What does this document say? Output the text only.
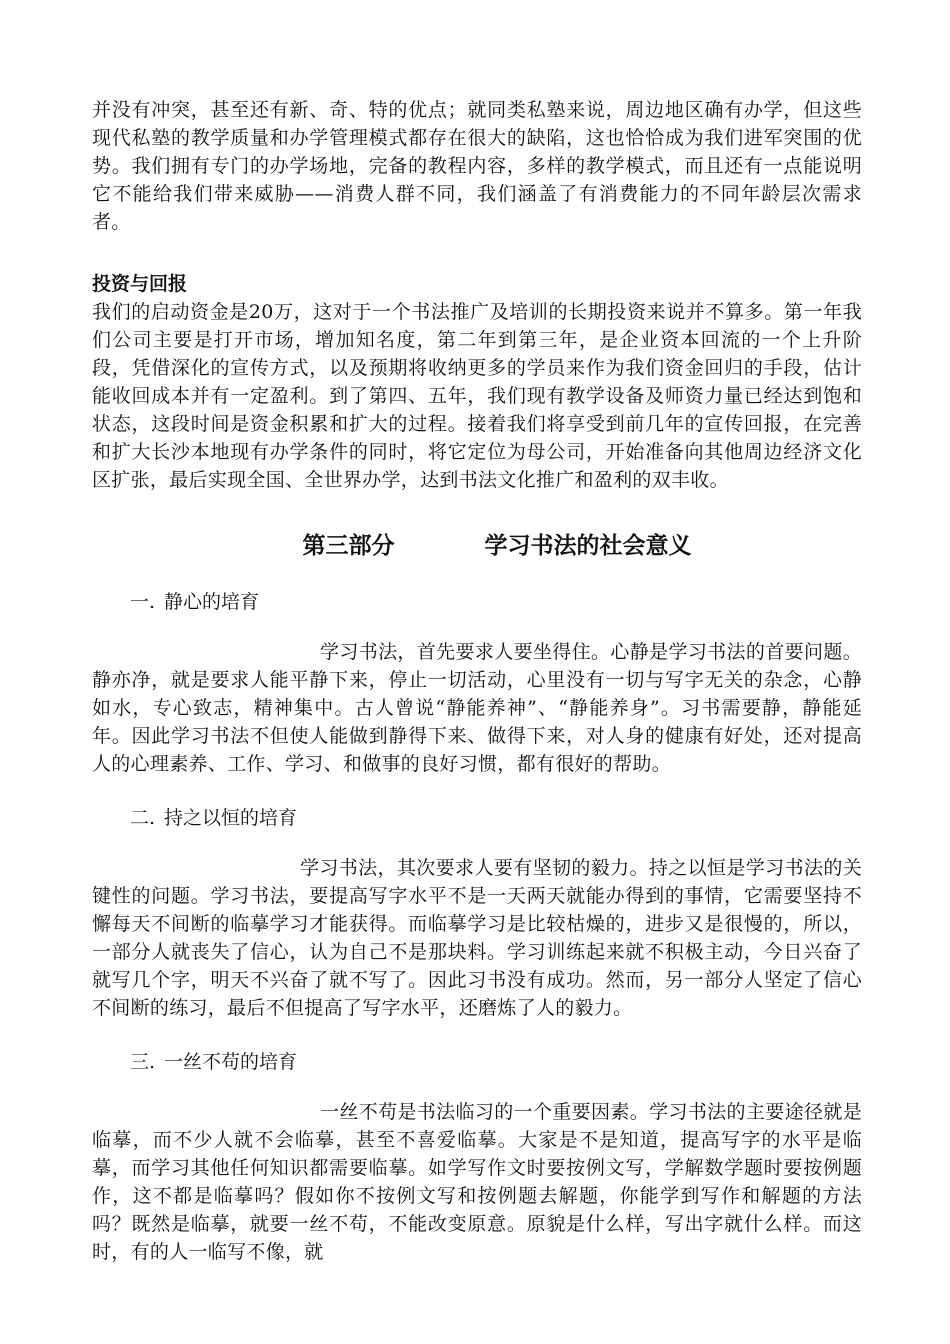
并没有冲突，甚至还有新、奇、特的优点；就同类私塾来说，周边地区确有办学，但这些现代私塾的教学质量和办学管理模式都存在很大的缺陷，这也恰恰成为我们进军突围的优势。我们拥有专门的办学场地，完备的教程内容，多样的教学模式，而且还有一点能说明它不能给我们带来威胁——消费人群不同，我们涵盖了有消费能力的不同年龄层次需求者。

投资与回报

我们的启动资金是20万，这对于一个书法推广及培训的长期投资来说并不算多。第一年我们公司主要是打开市场，增加知名度，第二年到第三年，是企业资本回流的一个上升阶段，凭借深化的宣传方式，以及预期将收纳更多的学员来作为我们资金回归的手段，估计能收回成本并有一定盈利。到了第四、五年，我们现有教学设备及师资力量已经达到饱和状态，这段时间是资金积累和扩大的过程。接着我们将享受到前几年的宣传回报，在完善和扩大长沙本地现有办学条件的同时，将它定位为母公司，开始准备向其他周边经济文化区扩张，最后实现全国、全世界办学，达到书法文化推广和盈利的双丰收。

第三部分	学习书法的社会意义

一. 静心的培育

学习书法，首先要求人要坐得住。心静是学习书法的首要问题。静亦净，就是要求人能平静下来，停止一切活动，心里没有一切与写字无关的杂念，心静如水，专心致志，精神集中。古人曾说“静能养神”、“静能养身”。习书需要静，静能延年。因此学习书法不但使人能做到静得下来、做得下来，对人身的健康有好处，还对提高人的心理素养、工作、学习、和做事的良好习惯，都有很好的帮助。

二. 持之以恒的培育

学习书法，其次要求人要有坚韧的毅力。持之以恒是学习书法的关键性的问题。学习书法，要提高写字水平不是一天两天就能办得到的事情，它需要坚持不懈每天不间断的临摹学习才能获得。而临摹学习是比较枯燥的，进步又是很慢的，所以，一部分人就丧失了信心，认为自己不是那块料。学习训练起来就不积极主动，今日兴奋了就写几个字，明天不兴奋了就不写了。因此习书没有成功。然而，另一部分人坚定了信心不间断的练习，最后不但提高了写字水平，还磨炼了人的毅力。

三. 一丝不苟的培育

一丝不苟是书法临习的一个重要因素。学习书法的主要途径就是临摹，而不少人就不会临摹，甚至不喜爱临摹。大家是不是知道，提高写字的水平是临摹，而学习其他任何知识都需要临摹。如学写作文时要按例文写，学解数学题时要按例题作，这不都是临摹吗？假如你不按例文写和按例题去解题，你能学到写作和解题的方法吗？既然是临摹，就要一丝不苟，不能改变原意。原貌是什么样，写出字就什么样。而这时，有的人一临写不像，就
